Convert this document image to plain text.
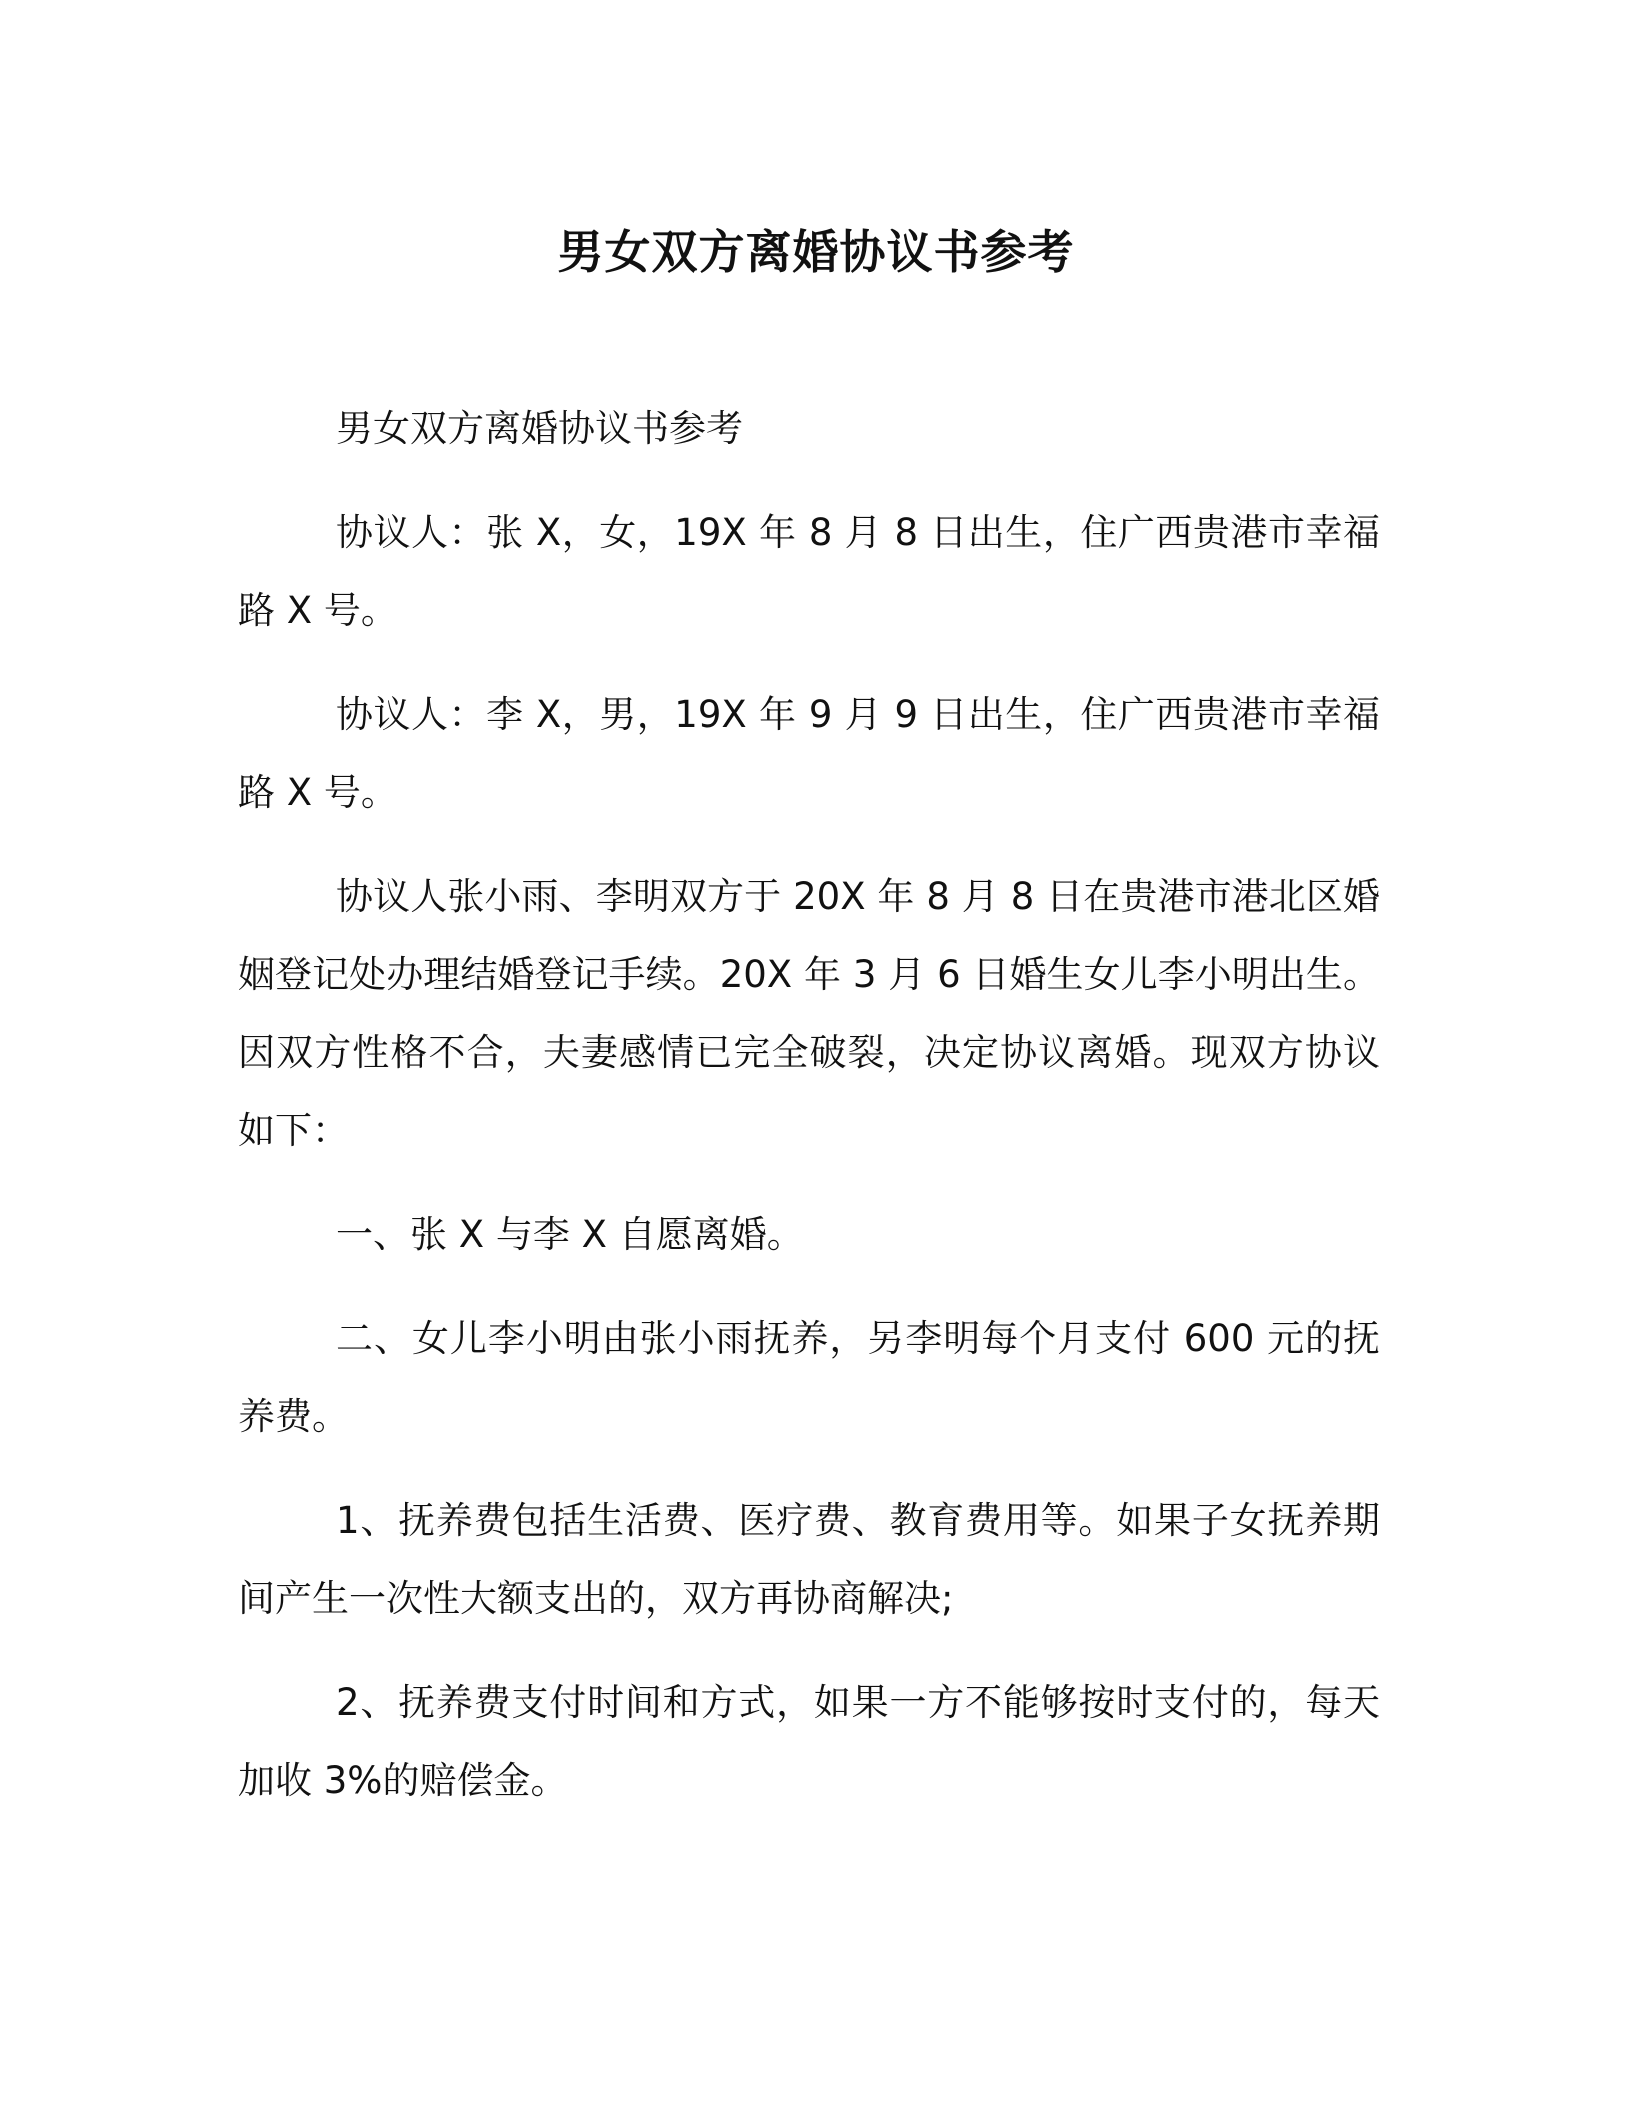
男女双方离婚协议书参考

男女双方离婚协议书参考

协议人：张 X，女，19X 年 8 月 8 日出生，住广西贵港市幸福路 X 号。

协议人：李 X，男，19X 年 9 月 9 日出生，住广西贵港市幸福路 X 号。

协议人张小雨、李明双方于 20X 年 8 月 8 日在贵港市港北区婚姻登记处办理结婚登记手续。20X 年 3 月 6 日婚生女儿李小明出生。因双方性格不合，夫妻感情已完全破裂，决定协议离婚。现双方协议如下：

一、张 X 与李 X 自愿离婚。

二、女儿李小明由张小雨抚养，另李明每个月支付 600 元的抚养费。

1、抚养费包括生活费、医疗费、教育费用等。如果子女抚养期间产生一次性大额支出的，双方再协商解决;

2、抚养费支付时间和方式，如果一方不能够按时支付的，每天加收 3%的赔偿金。
